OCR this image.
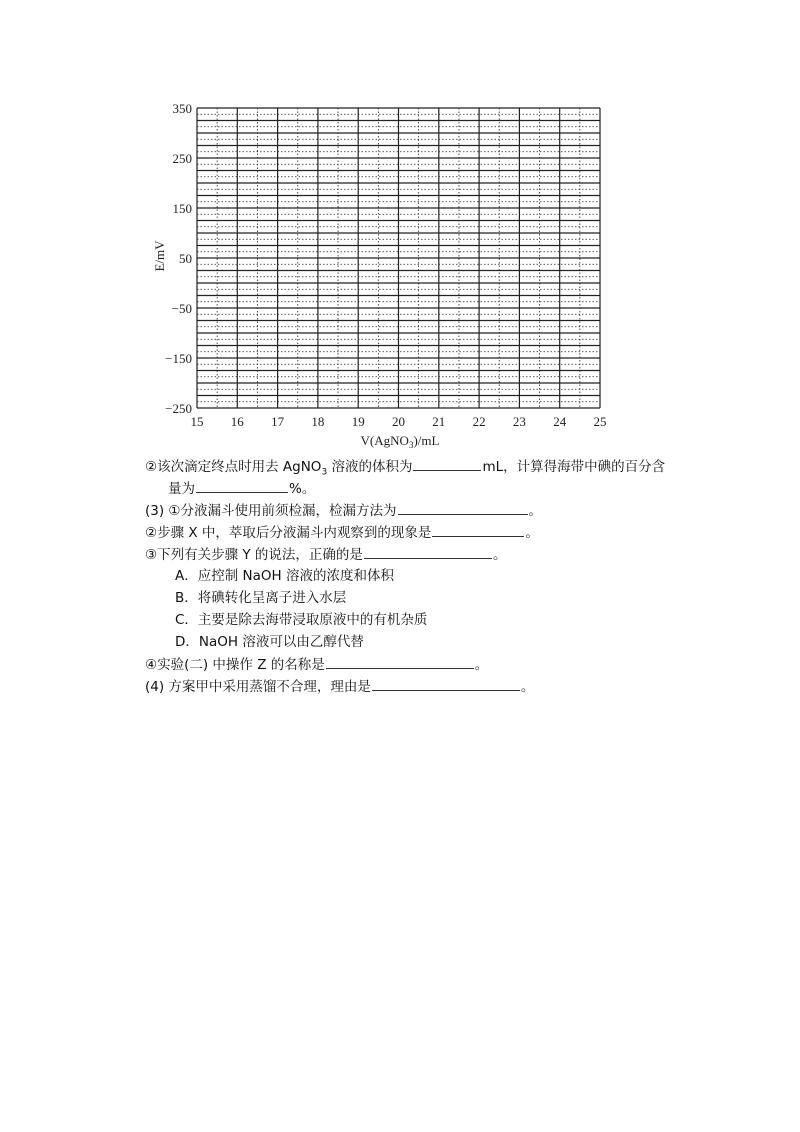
15 16 17 18 19 20 21 22 23 24 25
350
250
150
50
−50
−150
−250
V(AgNO$_3$)/mL
E/mV
②该次滴定终点时用去 AgNO$_3$ 溶液的体积为	mL，计算得海带中碘的百分含
量为	%。
(3) ①分液漏斗使用前须检漏，检漏方法为	。
②步骤 X 中，萃取后分液漏斗内观察到的现象是	。
③下列有关步骤 Y 的说法，正确的是	。
A．应控制 NaOH 溶液的浓度和体积
B．将碘转化呈离子进入水层
C．主要是除去海带浸取原液中的有机杂质
D．NaOH 溶液可以由乙醇代替
④实验(二) 中操作 Z 的名称是	。
(4) 方案甲中采用蒸馏不合理，理由是	。
